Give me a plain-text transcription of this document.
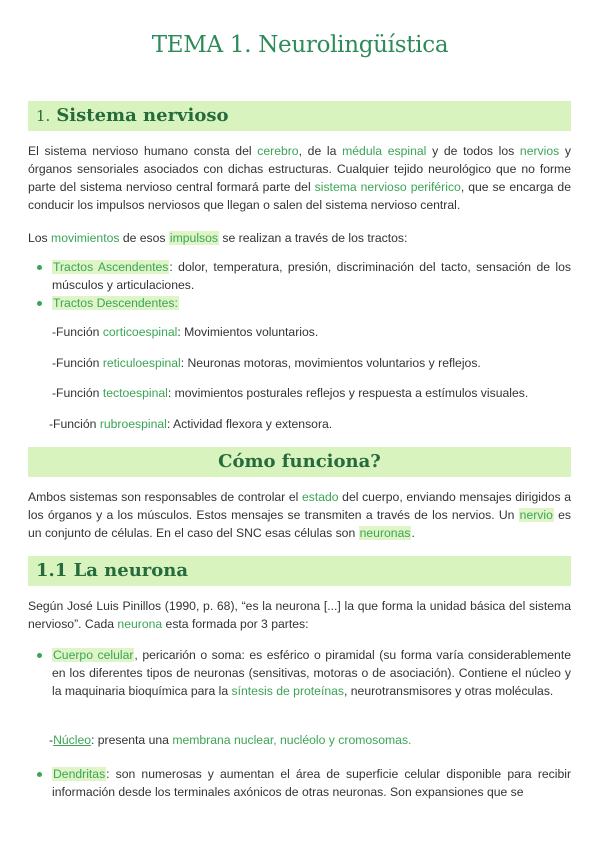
TEMA 1. Neurolingüística
1. Sistema nervioso
El sistema nervioso humano consta del cerebro, de la médula espinal y de todos los nervios y órganos sensoriales asociados con dichas estructuras. Cualquier tejido neurológico que no forme parte del sistema nervioso central formará parte del sistema nervioso periférico, que se encarga de conducir los impulsos nerviosos que llegan o salen del sistema nervioso central.
Los movimientos de esos impulsos se realizan a través de los tractos:
Tractos Ascendentes: dolor, temperatura, presión, discriminación del tacto, sensación de los músculos y articulaciones.
Tractos Descendentes:
-Función corticoespinal: Movimientos voluntarios.
-Función reticuloespinal: Neuronas motoras, movimientos voluntarios y reflejos.
-Función tectoespinal: movimientos posturales reflejos y respuesta a estímulos visuales.
-Función rubroespinal: Actividad flexora y extensora.
Cómo funciona?
Ambos sistemas son responsables de controlar el estado del cuerpo, enviando mensajes dirigidos a los órganos y a los músculos. Estos mensajes se transmiten a través de los nervios. Un nervio es un conjunto de células. En el caso del SNC esas células son neuronas.
1.1 La neurona
Según José Luis Pinillos (1990, p. 68), “es la neurona [...] la que forma la unidad básica del sistema nervioso”. Cada neurona esta formada por 3 partes:
Cuerpo celular, pericarión o soma: es esférico o piramidal (su forma varía considerablemente en los diferentes tipos de neuronas (sensitivas, motoras o de asociación). Contiene el núcleo y la maquinaria bioquímica para la síntesis de proteínas, neurotransmisores y otras moléculas.
-Núcleo: presenta una membrana nuclear, nucléolo y cromosomas.
Dendritas: son numerosas y aumentan el área de superficie celular disponible para recibir información desde los terminales axónicos de otras neuronas. Son expansiones que se
